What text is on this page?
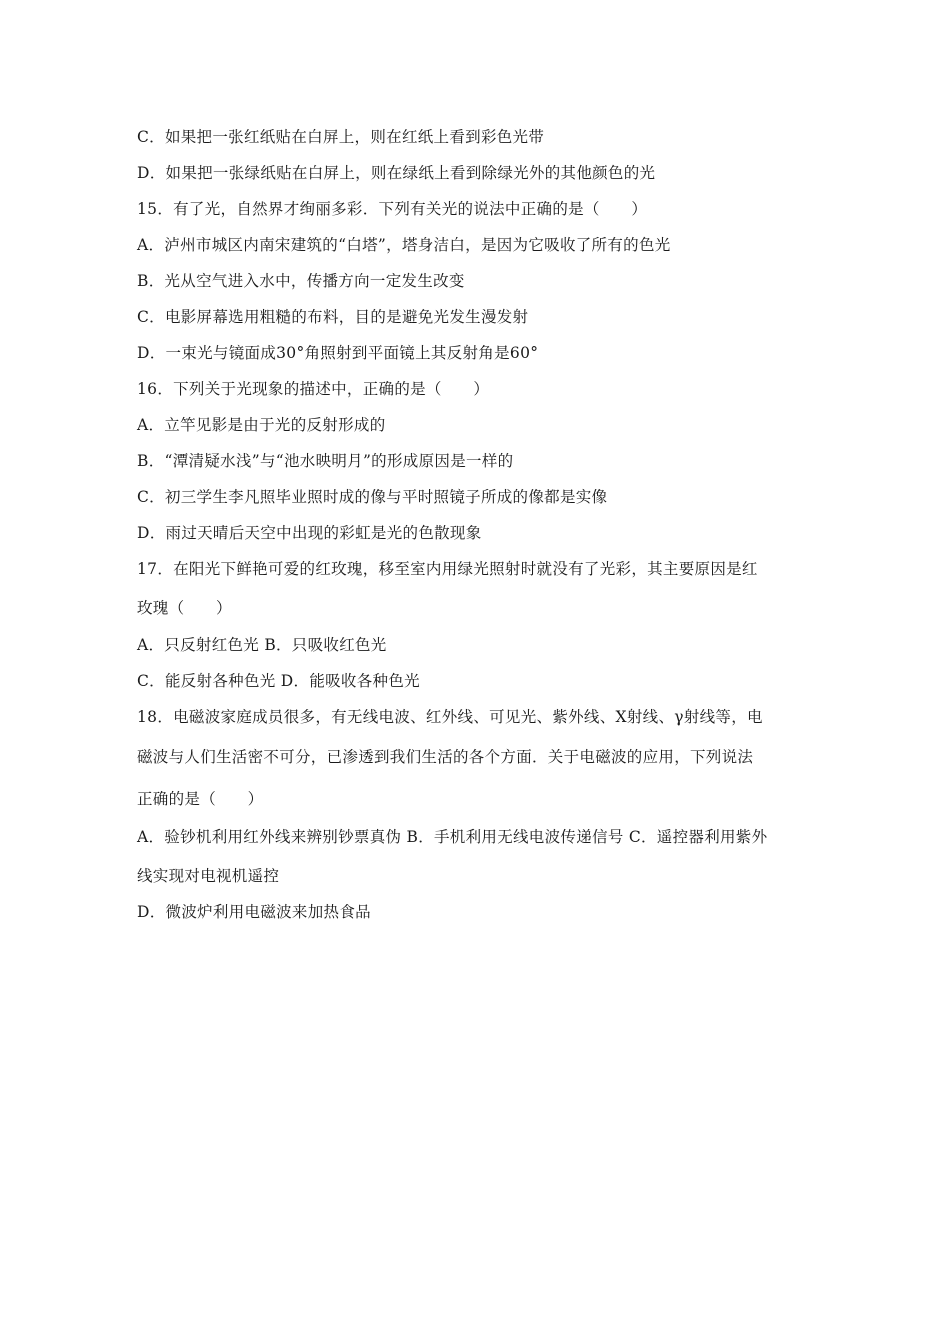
C．如果把一张红纸贴在白屏上，则在红纸上看到彩色光带
D．如果把一张绿纸贴在白屏上，则在绿纸上看到除绿光外的其他颜色的光
15．有了光，自然界才绚丽多彩．下列有关光的说法中正确的是（　　）
A．泸州市城区内南宋建筑的“白塔”，塔身洁白，是因为它吸收了所有的色光
B．光从空气进入水中，传播方向一定发生改变
C．电影屏幕选用粗糙的布料，目的是避免光发生漫发射
D．一束光与镜面成30°角照射到平面镜上其反射角是60°
16．下列关于光现象的描述中，正确的是（　　）
A．立竿见影是由于光的反射形成的
B．“潭清疑水浅”与“池水映明月”的形成原因是一样的
C．初三学生李凡照毕业照时成的像与平时照镜子所成的像都是实像
D．雨过天晴后天空中出现的彩虹是光的色散现象
17．在阳光下鲜艳可爱的红玫瑰，移至室内用绿光照射时就没有了光彩，其主要原因是红
玫瑰（　　）
A．只反射红色光 B．只吸收红色光
C．能反射各种色光 D．能吸收各种色光
18．电磁波家庭成员很多，有无线电波、红外线、可见光、紫外线、X射线、γ射线等，电
磁波与人们生活密不可分，已渗透到我们生活的各个方面．关于电磁波的应用，下列说法
正确的是（　　）
A．验钞机利用红外线来辨别钞票真伪 B．手机利用无线电波传递信号 C．遥控器利用紫外
线实现对电视机遥控
D．微波炉利用电磁波来加热食品
